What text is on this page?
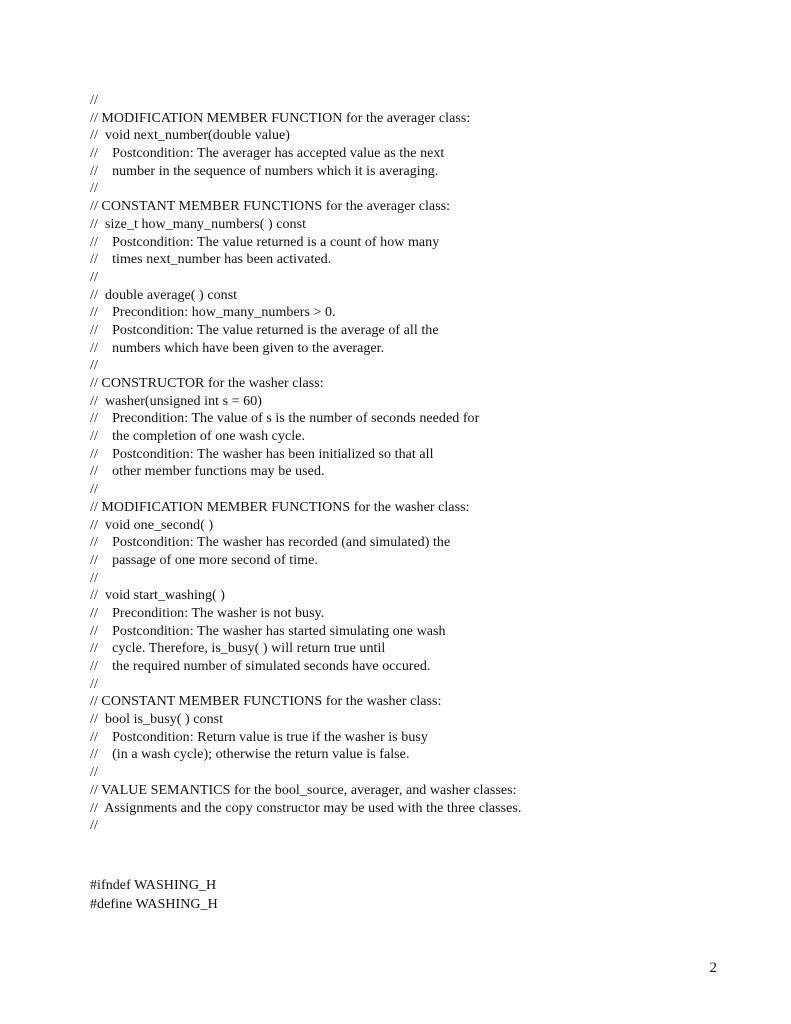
//
// MODIFICATION MEMBER FUNCTION for the averager class:
//  void next_number(double value)
//    Postcondition: The averager has accepted value as the next
//    number in the sequence of numbers which it is averaging.
//
// CONSTANT MEMBER FUNCTIONS for the averager class:
//  size_t how_many_numbers( ) const
//    Postcondition: The value returned is a count of how many
//    times next_number has been activated.
//
//  double average( ) const
//    Precondition: how_many_numbers > 0.
//    Postcondition: The value returned is the average of all the
//    numbers which have been given to the averager.
//
// CONSTRUCTOR for the washer class:
//  washer(unsigned int s = 60)
//    Precondition: The value of s is the number of seconds needed for
//    the completion of one wash cycle.
//    Postcondition: The washer has been initialized so that all
//    other member functions may be used.
//
// MODIFICATION MEMBER FUNCTIONS for the washer class:
//  void one_second( )
//    Postcondition: The washer has recorded (and simulated) the
//    passage of one more second of time.
//
//  void start_washing( )
//    Precondition: The washer is not busy.
//    Postcondition: The washer has started simulating one wash
//    cycle. Therefore, is_busy( ) will return true until
//    the required number of simulated seconds have occured.
//
// CONSTANT MEMBER FUNCTIONS for the washer class:
//  bool is_busy( ) const
//    Postcondition: Return value is true if the washer is busy
//    (in a wash cycle); otherwise the return value is false.
//
// VALUE SEMANTICS for the bool_source, averager, and washer classes:
//  Assignments and the copy constructor may be used with the three classes.
//
#ifndef WASHING_H
#define WASHING_H
2
